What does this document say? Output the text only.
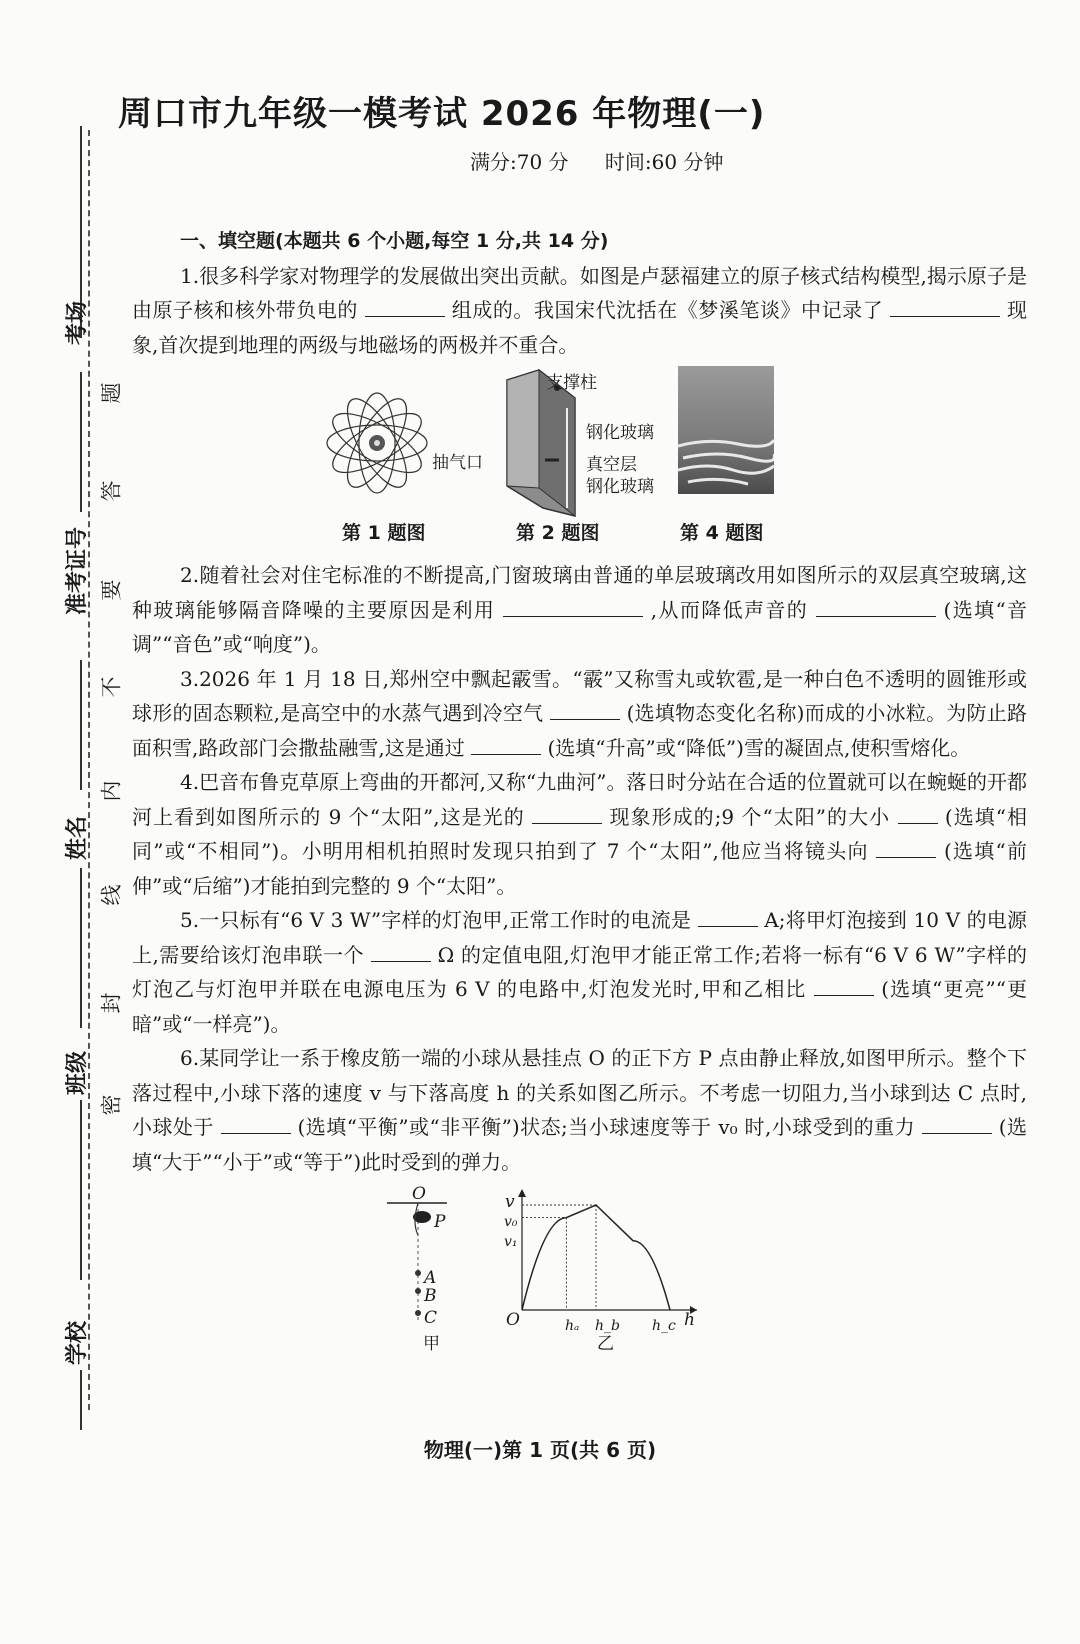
考场
准考证号
姓名
班级
学校
题
答
要
不
内
线
封
密
周口市九年级一模考试 2026 年物理(一)
满分:70 分 时间:60 分钟

一、填空题(本题共 6 个小题,每空 1 分,共 14 分)

1.很多科学家对物理学的发展做出突出贡献。如图是卢瑟福建立的原子核式结构模型,揭示原子是由原子核和核外带负电的	组成的。我国宋代沈括在《梦溪笔谈》中记录了	现象,首次提到地理的两级与地磁场的两极并不重合。

支撑柱
钢化玻璃
抽气口	真空层
钢化玻璃
第 1 题图	第 2 题图	第 4 题图

2.随着社会对住宅标准的不断提高,门窗玻璃由普通的单层玻璃改用如图所示的双层真空玻璃,这种玻璃能够隔音降噪的主要原因是利用	,从而降低声音的	(选填“音调”“音色”或“响度”)。

3.2026 年 1 月 18 日,郑州空中飘起霰雪。“霰”又称雪丸或软雹,是一种白色不透明的圆锥形或球形的固态颗粒,是高空中的水蒸气遇到冷空气	(选填物态变化名称)而成的小冰粒。为防止路面积雪,路政部门会撒盐融雪,这是通过	(选填“升高”或“降低”)雪的凝固点,使积雪熔化。

4.巴音布鲁克草原上弯曲的开都河,又称“九曲河”。落日时分站在合适的位置就可以在蜿蜒的开都河上看到如图所示的 9 个“太阳”,这是光的	现象形成的;9 个“太阳”的大小	(选填“相同”或“不相同”)。小明用相机拍照时发现只拍到了 7 个“太阳”,他应当将镜头向	(选填“前伸”或“后缩”)才能拍到完整的 9 个“太阳”。

5.一只标有“6 V 3 W”字样的灯泡甲,正常工作时的电流是	A;将甲灯泡接到 10 V 的电源上,需要给该灯泡串联一个	Ω 的定值电阻,灯泡甲才能正常工作;若将一标有“6 V 6 W”字样的灯泡乙与灯泡甲并联在电源电压为 6 V 的电路中,灯泡发光时,甲和乙相比	(选填“更亮”“更暗”或“一样亮”)。

6.某同学让一系于橡皮筋一端的小球从悬挂点 O 的正下方 P 点由静止释放,如图甲所示。整个下落过程中,小球下落的速度 v 与下落高度 h 的关系如图乙所示。不考虑一切阻力,当小球到达 C 点时,小球处于	(选填“平衡”或“非平衡”)状态;当小球速度等于 v₀ 时,小球受到的重力	(选填“大于”“小于”或“等于”)此时受到的弹力。

O
P
A
B
C
甲
v
v₀
v₁
O	hₐ h_b h_c h
乙
物理(一)第 1 页(共 6 页)
